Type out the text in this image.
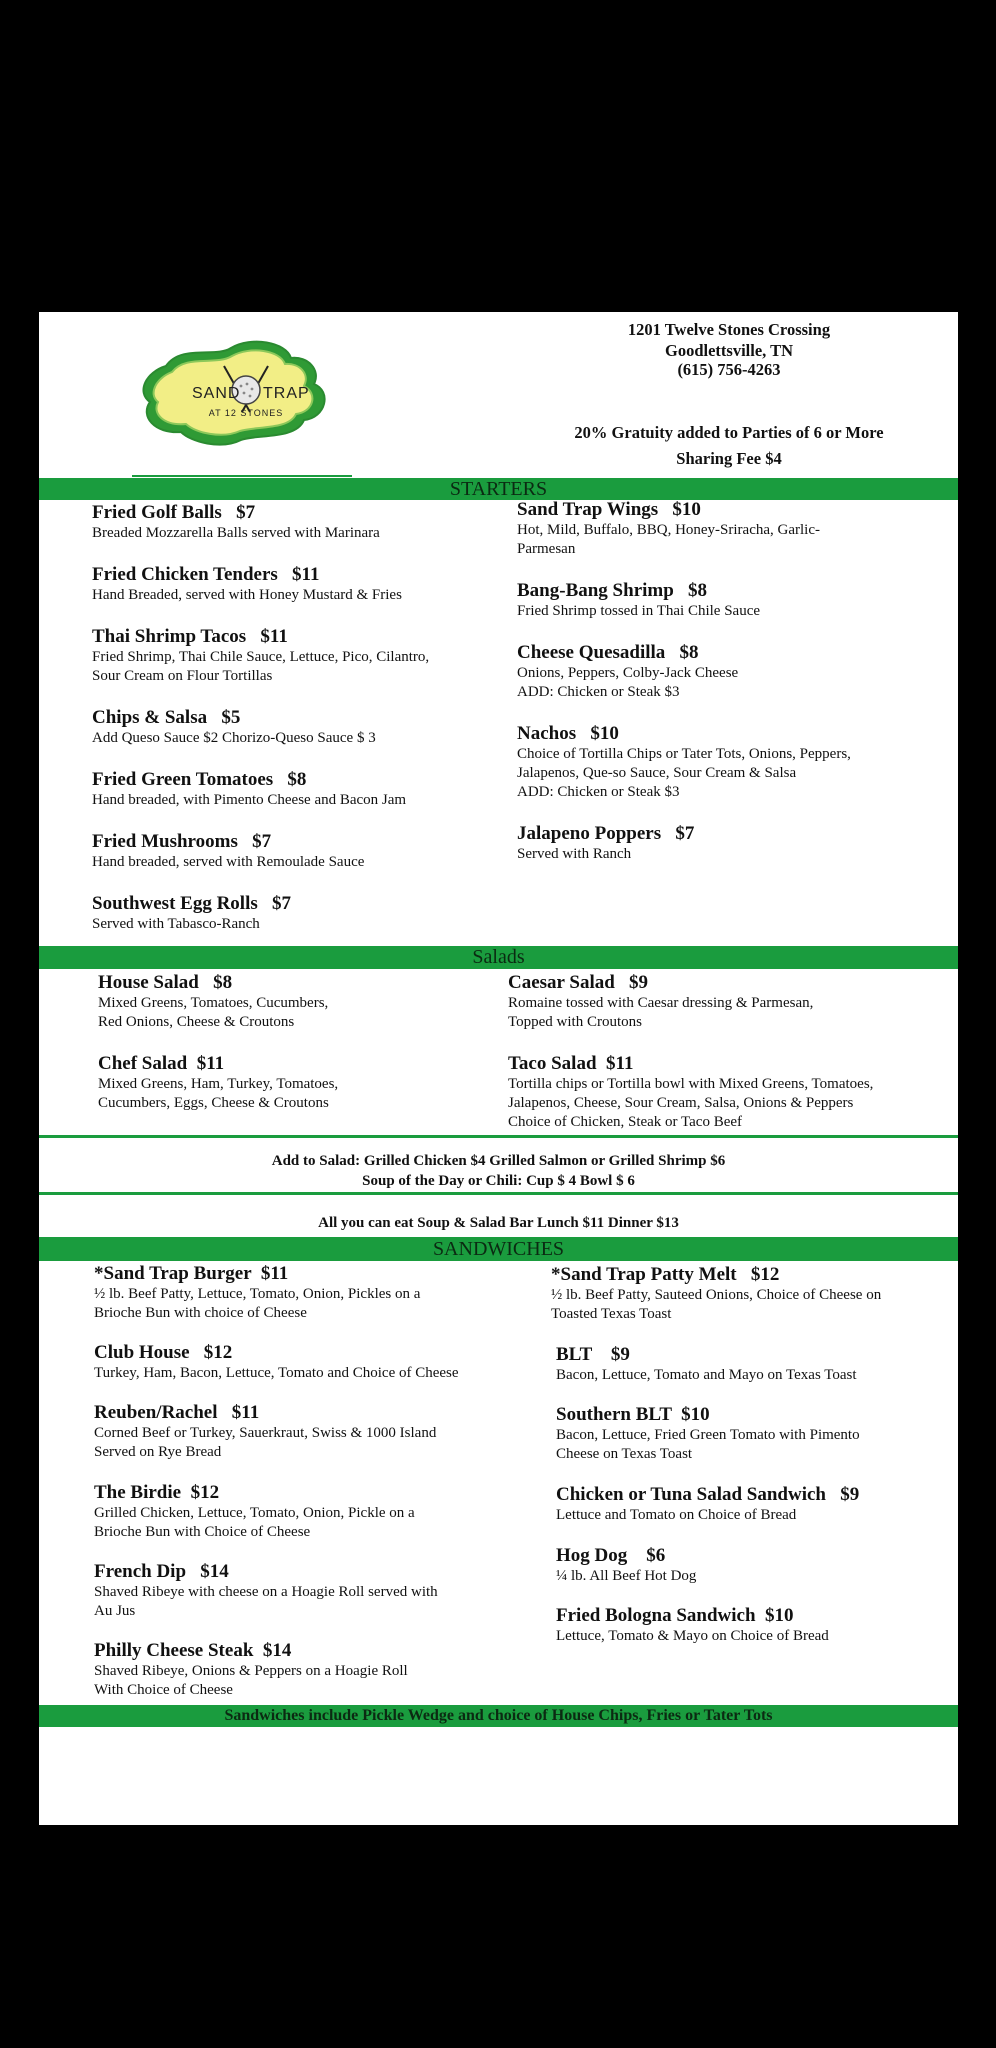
SAND TRAP
AT 12 STONES
1201 Twelve Stones Crossing
Goodlettsville, TN
(615) 756-4263
20% Gratuity added to Parties of 6 or More
Sharing Fee $4
STARTERS
Fried Golf Balls   $7
Breaded Mozzarella Balls served with Marinara
Fried Chicken Tenders   $11
Hand Breaded, served with Honey Mustard & Fries
Thai Shrimp Tacos   $11
Fried Shrimp, Thai Chile Sauce, Lettuce, Pico, Cilantro,
Sour Cream on Flour Tortillas
Chips & Salsa   $5
Add Queso Sauce $2 Chorizo-Queso Sauce $ 3
Fried Green Tomatoes   $8
Hand breaded, with Pimento Cheese and Bacon Jam
Fried Mushrooms   $7
Hand breaded, served with Remoulade Sauce
Southwest Egg Rolls   $7
Served with Tabasco-Ranch
Sand Trap Wings   $10
Hot, Mild, Buffalo, BBQ, Honey-Sriracha, Garlic-
Parmesan
Bang-Bang Shrimp   $8
Fried Shrimp tossed in Thai Chile Sauce
Cheese Quesadilla   $8
Onions, Peppers, Colby-Jack Cheese
ADD: Chicken or Steak $3
Nachos   $10
Choice of Tortilla Chips or Tater Tots, Onions, Peppers,
Jalapenos, Que-so Sauce, Sour Cream & Salsa
ADD: Chicken or Steak $3
Jalapeno Poppers   $7
Served with Ranch
Salads
House Salad   $8
Mixed Greens, Tomatoes, Cucumbers,
Red Onions, Cheese & Croutons
Chef Salad  $11
Mixed Greens, Ham, Turkey, Tomatoes,
Cucumbers, Eggs, Cheese & Croutons
Caesar Salad   $9
Romaine tossed with Caesar dressing & Parmesan,
Topped with Croutons
Taco Salad  $11
Tortilla chips or Tortilla bowl with Mixed Greens, Tomatoes,
Jalapenos, Cheese, Sour Cream, Salsa, Onions & Peppers
Choice of Chicken, Steak or Taco Beef
Add to Salad: Grilled Chicken $4 Grilled Salmon or Grilled Shrimp $6
Soup of the Day or Chili: Cup $ 4 Bowl $ 6
All you can eat Soup & Salad Bar Lunch $11 Dinner $13
SANDWICHES
*Sand Trap Burger  $11
½ lb. Beef Patty, Lettuce, Tomato, Onion, Pickles on a
Brioche Bun with choice of Cheese
Club House   $12
Turkey, Ham, Bacon, Lettuce, Tomato and Choice of Cheese
Reuben/Rachel   $11
Corned Beef or Turkey, Sauerkraut, Swiss & 1000 Island
Served on Rye Bread
The Birdie  $12
Grilled Chicken, Lettuce, Tomato, Onion, Pickle on a
Brioche Bun with Choice of Cheese
French Dip   $14
Shaved Ribeye with cheese on a Hoagie Roll served with
Au Jus
Philly Cheese Steak  $14
Shaved Ribeye, Onions & Peppers on a Hoagie Roll
With Choice of Cheese
*Sand Trap Patty Melt   $12
½ lb. Beef Patty, Sauteed Onions, Choice of Cheese on
Toasted Texas Toast
BLT    $9
Bacon, Lettuce, Tomato and Mayo on Texas Toast
Southern BLT  $10
Bacon, Lettuce, Fried Green Tomato with Pimento
Cheese on Texas Toast
Chicken or Tuna Salad Sandwich   $9
Lettuce and Tomato on Choice of Bread
Hog Dog    $6
¼ lb. All Beef Hot Dog
Fried Bologna Sandwich  $10
Lettuce, Tomato & Mayo on Choice of Bread
Sandwiches include Pickle Wedge and choice of House Chips, Fries or Tater Tots
